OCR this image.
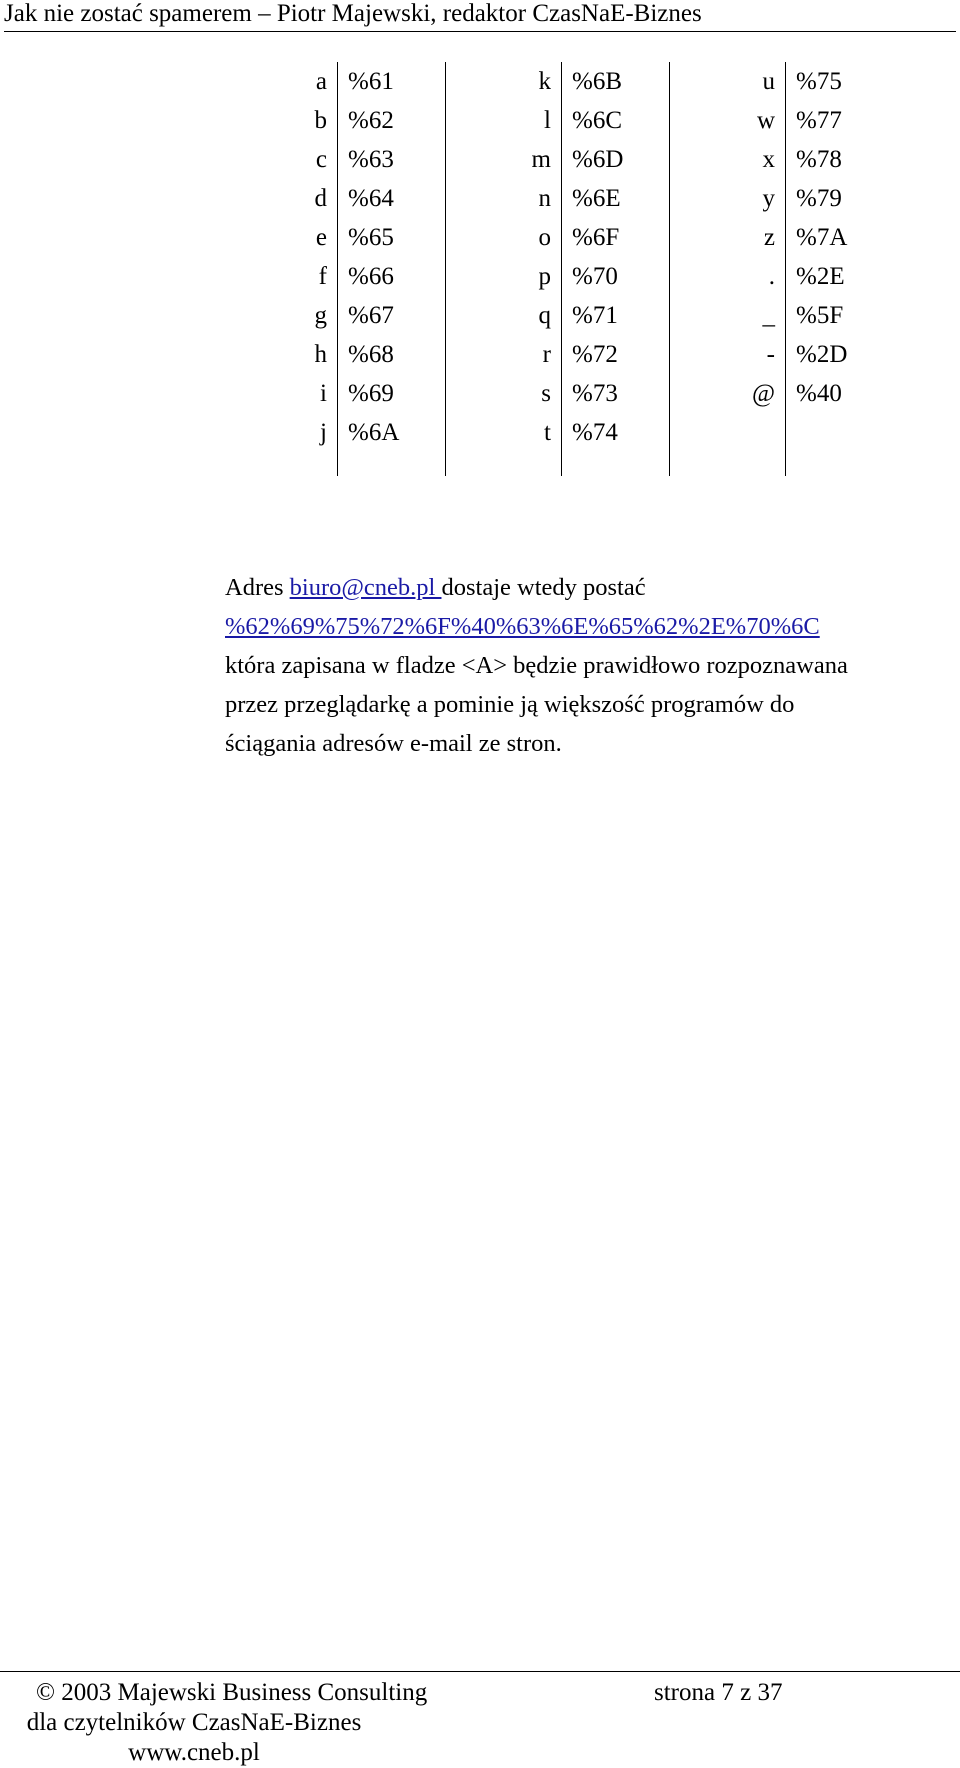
Jak nie zostać spamerem – Piotr Majewski, redaktor CzasNaE-Biznes
a	%61	k	%6B	u	%75
b	%62	l	%6C	w	%77
c	%63	m	%6D	x	%78
d	%64	n	%6E	y	%79
e	%65	o	%6F	z	%7A
f	%66	p	%70	.	%2E
g	%67	q	%71	_	%5F
h	%68	r	%72	-	%2D
i	%69	s	%73	@	%40
j	%6A	t	%74		

Adres biuro@cneb.pl dostaje wtedy postać
%62%69%75%72%6F%40%63%6E%65%62%2E%70%6C
która zapisana w fladze <A> będzie prawidłowo rozpoznawana
przez przeglądarkę a pominie ją większość programów do
ściągania adresów e-mail ze stron.
© 2003 Majewski Business Consulting	strona 7 z 37
dla czytelników CzasNaE-Biznes
www.cneb.pl
